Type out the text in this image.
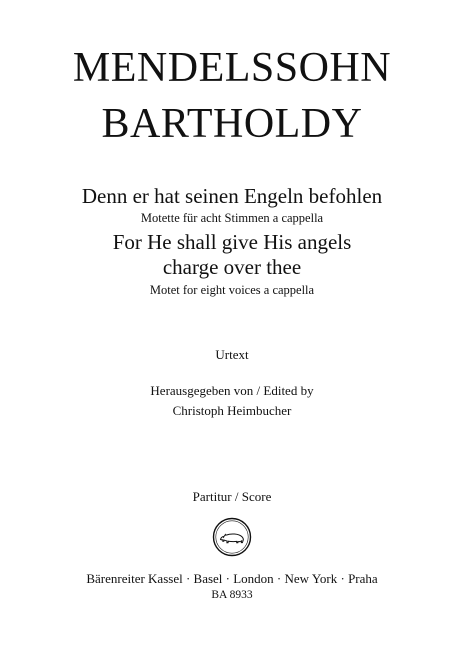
MENDELSSOHN
BARTHOLDY
Denn er hat seinen Engeln befohlen
Motette für acht Stimmen a cappella
For He shall give His angels
charge over thee
Motet for eight voices a cappella
Urtext
Herausgegeben von / Edited by
Christoph Heimbucher
Partitur / Score
Bärenreiter Kassel · Basel · London · New York · Praha
BA 8933
